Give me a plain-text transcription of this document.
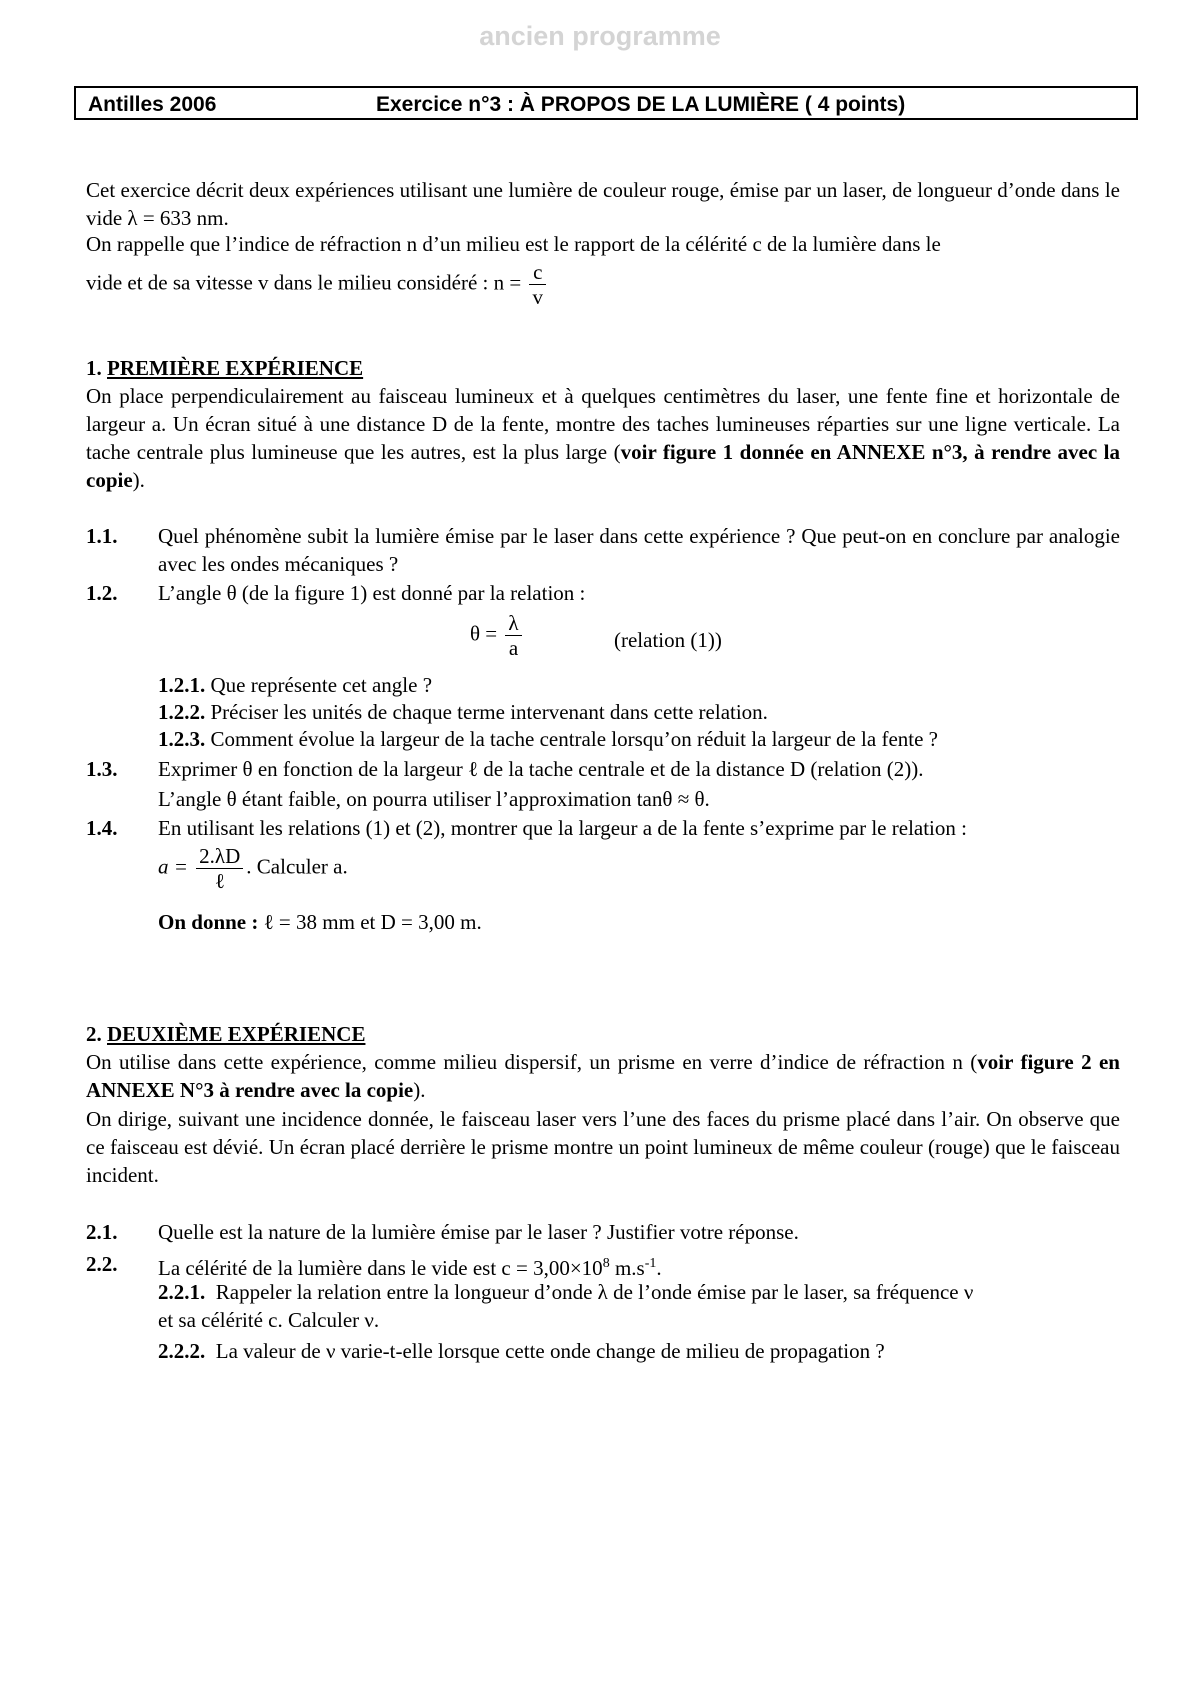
ancien programme
Antilles 2006	Exercice n°3 : À PROPOS DE LA LUMIÈRE ( 4 points)
Cet exercice décrit deux expériences utilisant une lumière de couleur rouge, émise par un laser, de longueur d’onde dans le vide λ = 633 nm.
On rappelle que l’indice de réfraction n d’un milieu est le rapport de la célérité c de la lumière dans le
vide et de sa vitesse v dans le milieu considéré : $n = \frac{c}{v}$
1. PREMIÈRE EXPÉRIENCE
On place perpendiculairement au faisceau lumineux et à quelques centimètres du laser, une fente fine et horizontale de largeur a. Un écran situé à une distance D de la fente, montre des taches lumineuses réparties sur une ligne verticale. La tache centrale plus lumineuse que les autres, est la plus large (voir figure 1 donnée en ANNEXE n°3, à rendre avec la copie).
1.1. Quel phénomène subit la lumière émise par le laser dans cette expérience ? Que peut-on en conclure par analogie avec les ondes mécaniques ?
1.2. L’angle θ (de la figure 1) est donné par la relation :
$\theta = \frac{\lambda}{a}$	(relation (1))
1.2.1. Que représente cet angle ?
1.2.2. Préciser les unités de chaque terme intervenant dans cette relation.
1.2.3. Comment évolue la largeur de la tache centrale lorsqu’on réduit la largeur de la fente ?
1.3. Exprimer θ en fonction de la largeur ℓ de la tache centrale et de la distance D (relation (2)).
L’angle θ étant faible, on pourra utiliser l’approximation tanθ ≈ θ.
1.4. En utilisant les relations (1) et (2), montrer que la largeur a de la fente s’exprime par le relation :
$a = \frac{2.\lambda D}{\text{ℓ}}$ . Calculer a.
On donne : ℓ = 38 mm et D = 3,00 m.
2. DEUXIÈME EXPÉRIENCE
On utilise dans cette expérience, comme milieu dispersif, un prisme en verre d’indice de réfraction n (voir figure 2 en ANNEXE N°3 à rendre avec la copie).
On dirige, suivant une incidence donnée, le faisceau laser vers l’une des faces du prisme placé dans l’air. On observe que ce faisceau est dévié. Un écran placé derrière le prisme montre un point lumineux de même couleur (rouge) que le faisceau incident.
2.1. Quelle est la nature de la lumière émise par le laser ? Justifier votre réponse.
2.2. La célérité de la lumière dans le vide est $c = 3,00\times 10^8$ $m.s^{-1}$.
2.2.1. Rappeler la relation entre la longueur d’onde λ de l’onde émise par le laser, sa fréquence ν
et sa célérité c. Calculer ν.
2.2.2. La valeur de ν varie-t-elle lorsque cette onde change de milieu de propagation ?
